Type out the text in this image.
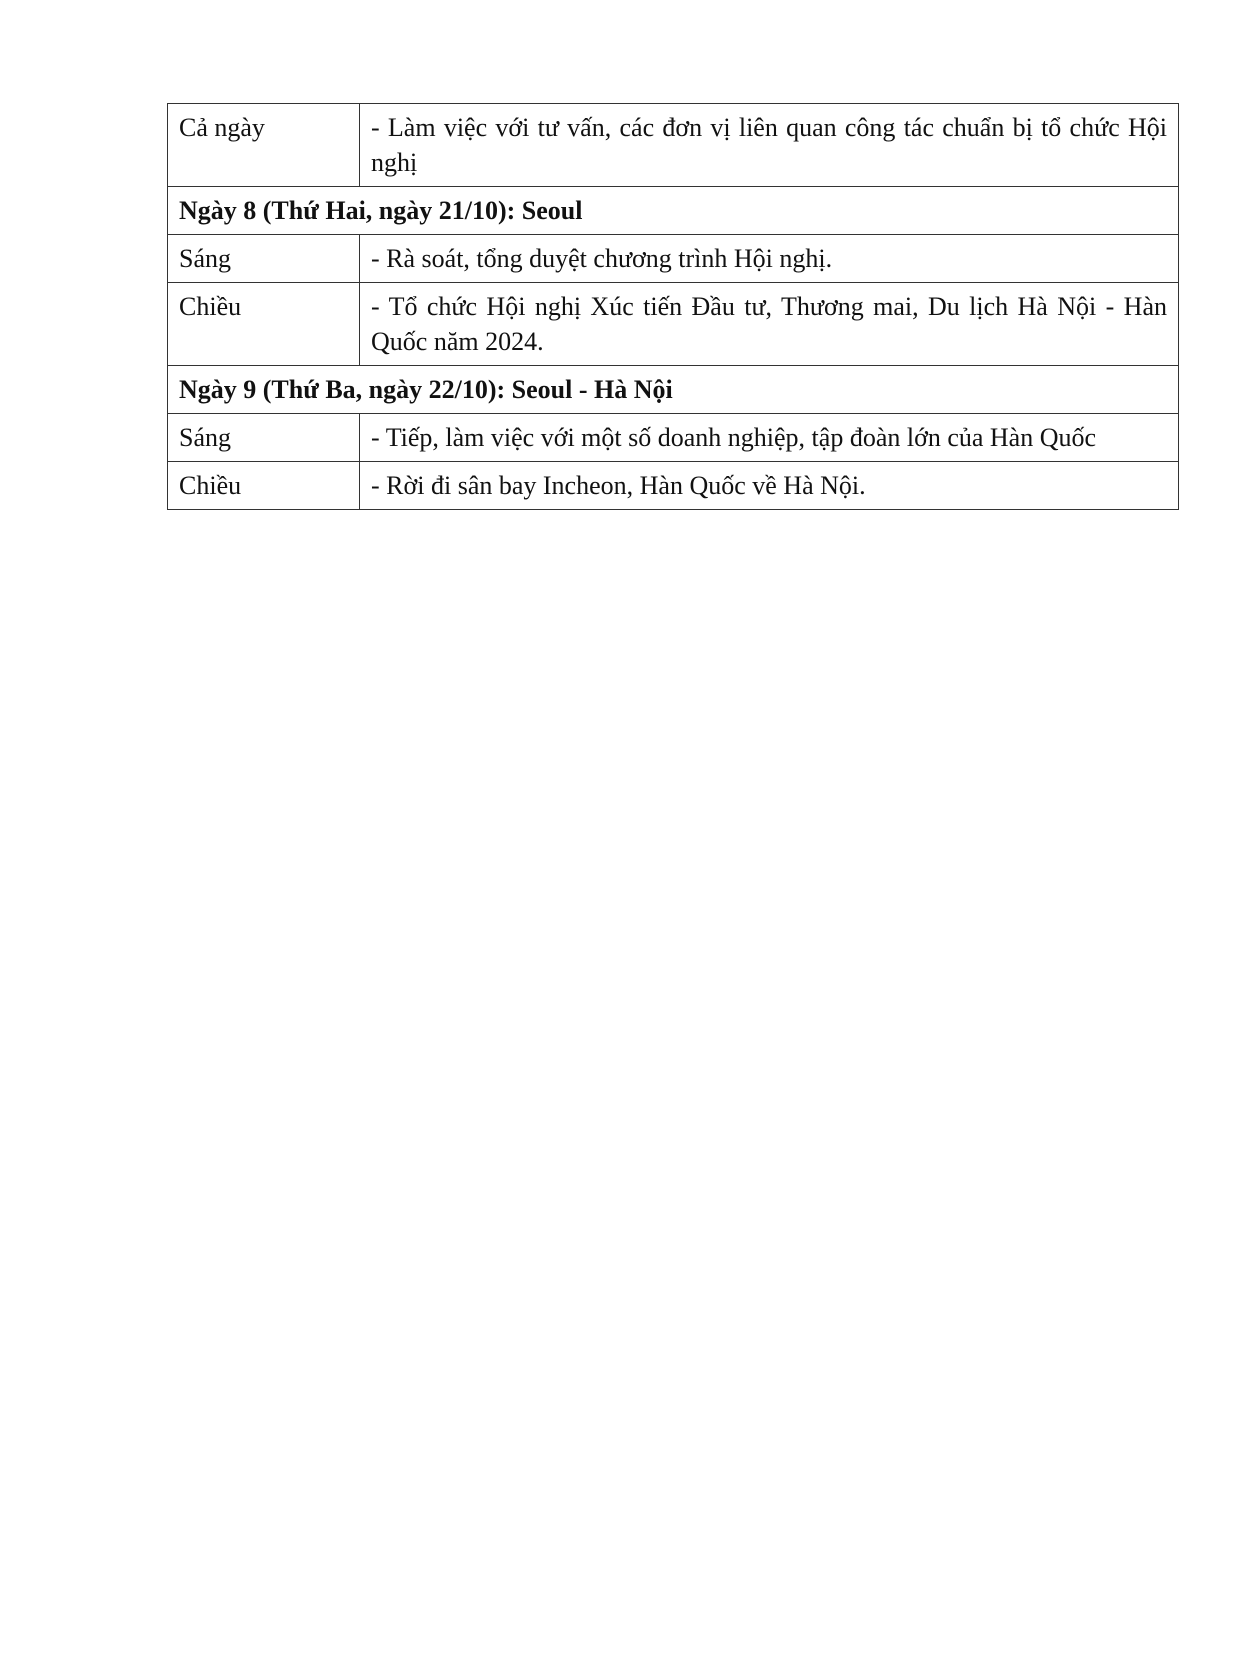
Cả ngày	- Làm việc với tư vấn, các đơn vị liên quan công tác chuẩn bị tổ chức Hội nghị
Ngày 8 (Thứ Hai, ngày 21/10): Seoul	
Sáng	- Rà soát, tổng duyệt chương trình Hội nghị.
Chiều	- Tổ chức Hội nghị Xúc tiến Đầu tư, Thương mai, Du lịch Hà Nội - Hàn Quốc năm 2024.
Ngày 9 (Thứ Ba, ngày 22/10): Seoul - Hà Nội	
Sáng	- Tiếp, làm việc với một số doanh nghiệp, tập đoàn lớn của Hàn Quốc
Chiều	- Rời đi sân bay Incheon, Hàn Quốc về Hà Nội.
